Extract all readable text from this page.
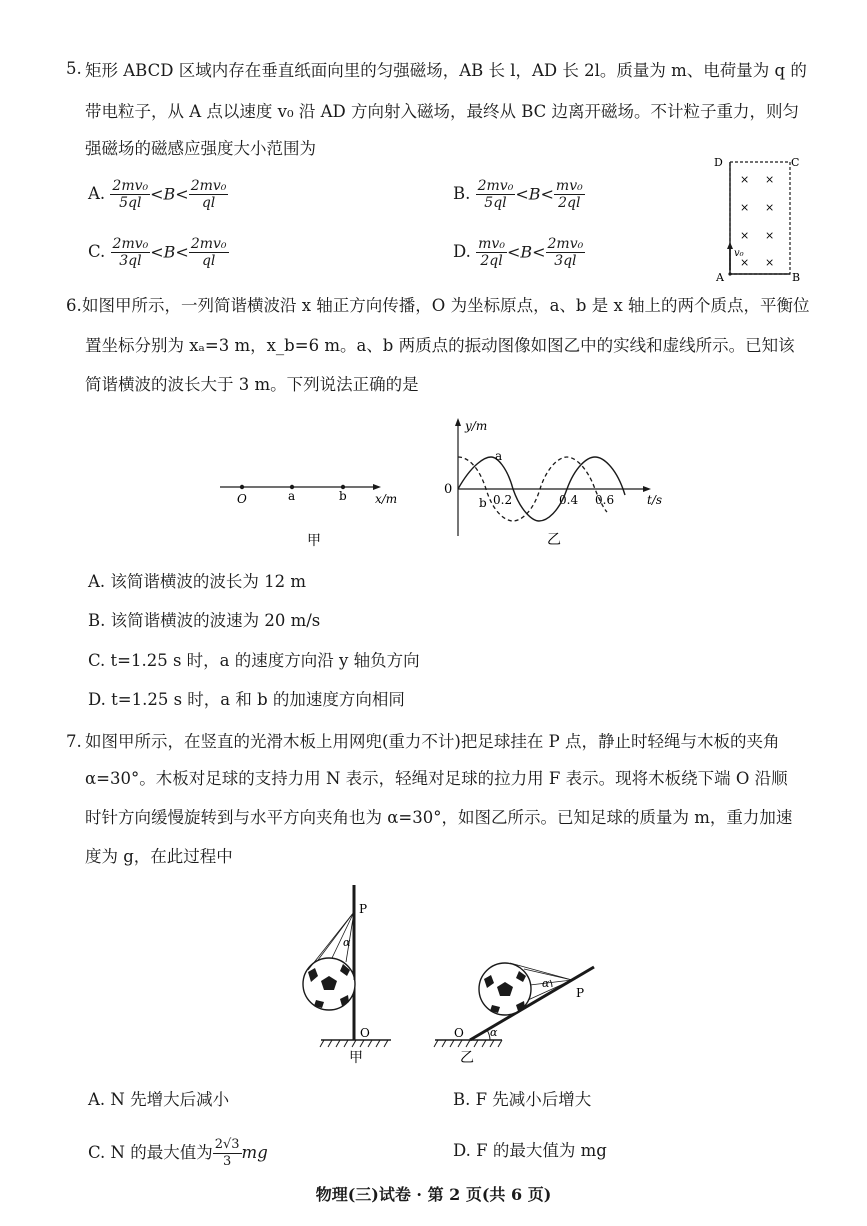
5. 矩形 ABCD 区域内存在垂直纸面向里的匀强磁场，AB 长 l，AD 长 2l。质量为 m、电荷量为 q 的
带电粒子，从 A 点以速度 v₀ 沿 AD 方向射入磁场，最终从 BC 边离开磁场。不计粒子重力，则匀
强磁场的磁感应强度大小范围为
A. $\frac{\text{2mv₀}}{5ql} <B< \frac{\text{2mv₀}}{ql}$	B. $\frac{\text{2mv₀}}{5ql} <B< \frac{\text{mv₀}}{2ql}$
C. $\frac{\text{2mv₀}}{3ql} <B< \frac{\text{2mv₀}}{ql}$	D. $\frac{\text{mv₀}}{2ql} <B< \frac{\text{2mv₀}}{3ql}$
D	C
A	B
× ×
× ×
× ×
× ×
v₀
6. 如图甲所示，一列简谐横波沿 x 轴正方向传播，O 为坐标原点，a、b 是 x 轴上的两个质点，平衡位
置坐标分别为 xₐ=3 m，x_b=6 m。a、b 两质点的振动图像如图乙中的实线和虚线所示。已知该
简谐横波的波长大于 3 m。下列说法正确的是
O	a	b x/m
甲
y/m
t/s
0
0.2	0.4 0.6
a
b
乙
A. 该简谐横波的波长为 12 m
B. 该简谐横波的波速为 20 m/s
C. t=1.25 s 时，a 的速度方向沿 y 轴负方向
D. t=1.25 s 时，a 和 b 的加速度方向相同
7. 如图甲所示，在竖直的光滑木板上用网兜(重力不计)把足球挂在 P 点，静止时轻绳与木板的夹角
α=30°。木板对足球的支持力用 N 表示，轻绳对足球的拉力用 F 表示。现将木板绕下端 O 沿顺
时针方向缓慢旋转到与水平方向夹角也为 α=30°，如图乙所示。已知足球的质量为 m，重力加速
度为 g，在此过程中
P
α
O
甲
α
P
O α
乙
A. N 先增大后减小	B. F 先减小后增大
C. N 的最大值为 $\frac{2√3}{3}$ mg	D. F 的最大值为 mg
物理(三)试卷 · 第 2 页(共 6 页)
